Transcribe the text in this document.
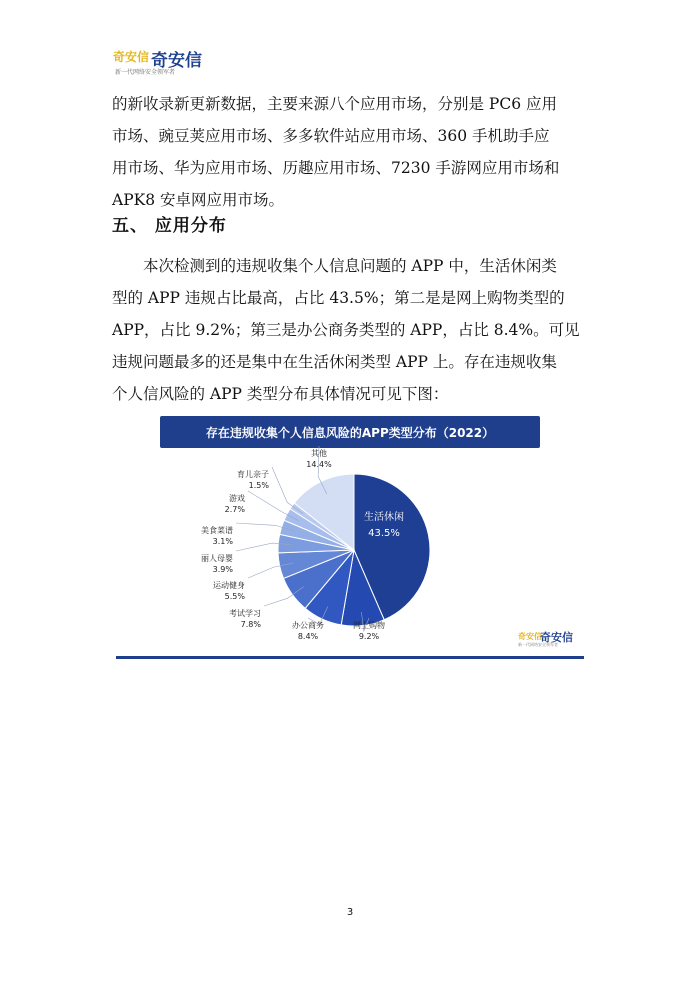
奇安信 奇安信
新一代网络安全领军者
的新收录新更新数据，主要来源八个应用市场，分别是 PC6 应用
市场、豌豆荚应用市场、多多软件站应用市场、360 手机助手应
用市场、华为应用市场、历趣应用市场、7230 手游网应用市场和
APK8 安卓网应用市场。
五、 应用分布
　　本次检测到的违规收集个人信息问题的 APP 中，生活休闲类
型的 APP 违规占比最高，占比 43.5%；第二是是网上购物类型的
APP，占比 9.2%；第三是办公商务类型的 APP，占比 8.4%。可见
违规问题最多的还是集中在生活休闲类型 APP 上。存在违规收集
个人信风险的 APP 类型分布具体情况可见下图：
存在违规收集个人信息风险的APP类型分布（2022）
生活休闲
43.5%
网上购物
9.2%
办公商务
8.4%
考试学习
7.8%
运动健身
5.5%
丽人母婴
3.9%
美食菜谱
3.1%
游戏
2.7%
育儿亲子
1.5%
其他
14.4%
奇安信
奇安信
新一代网络安全领军者
3
